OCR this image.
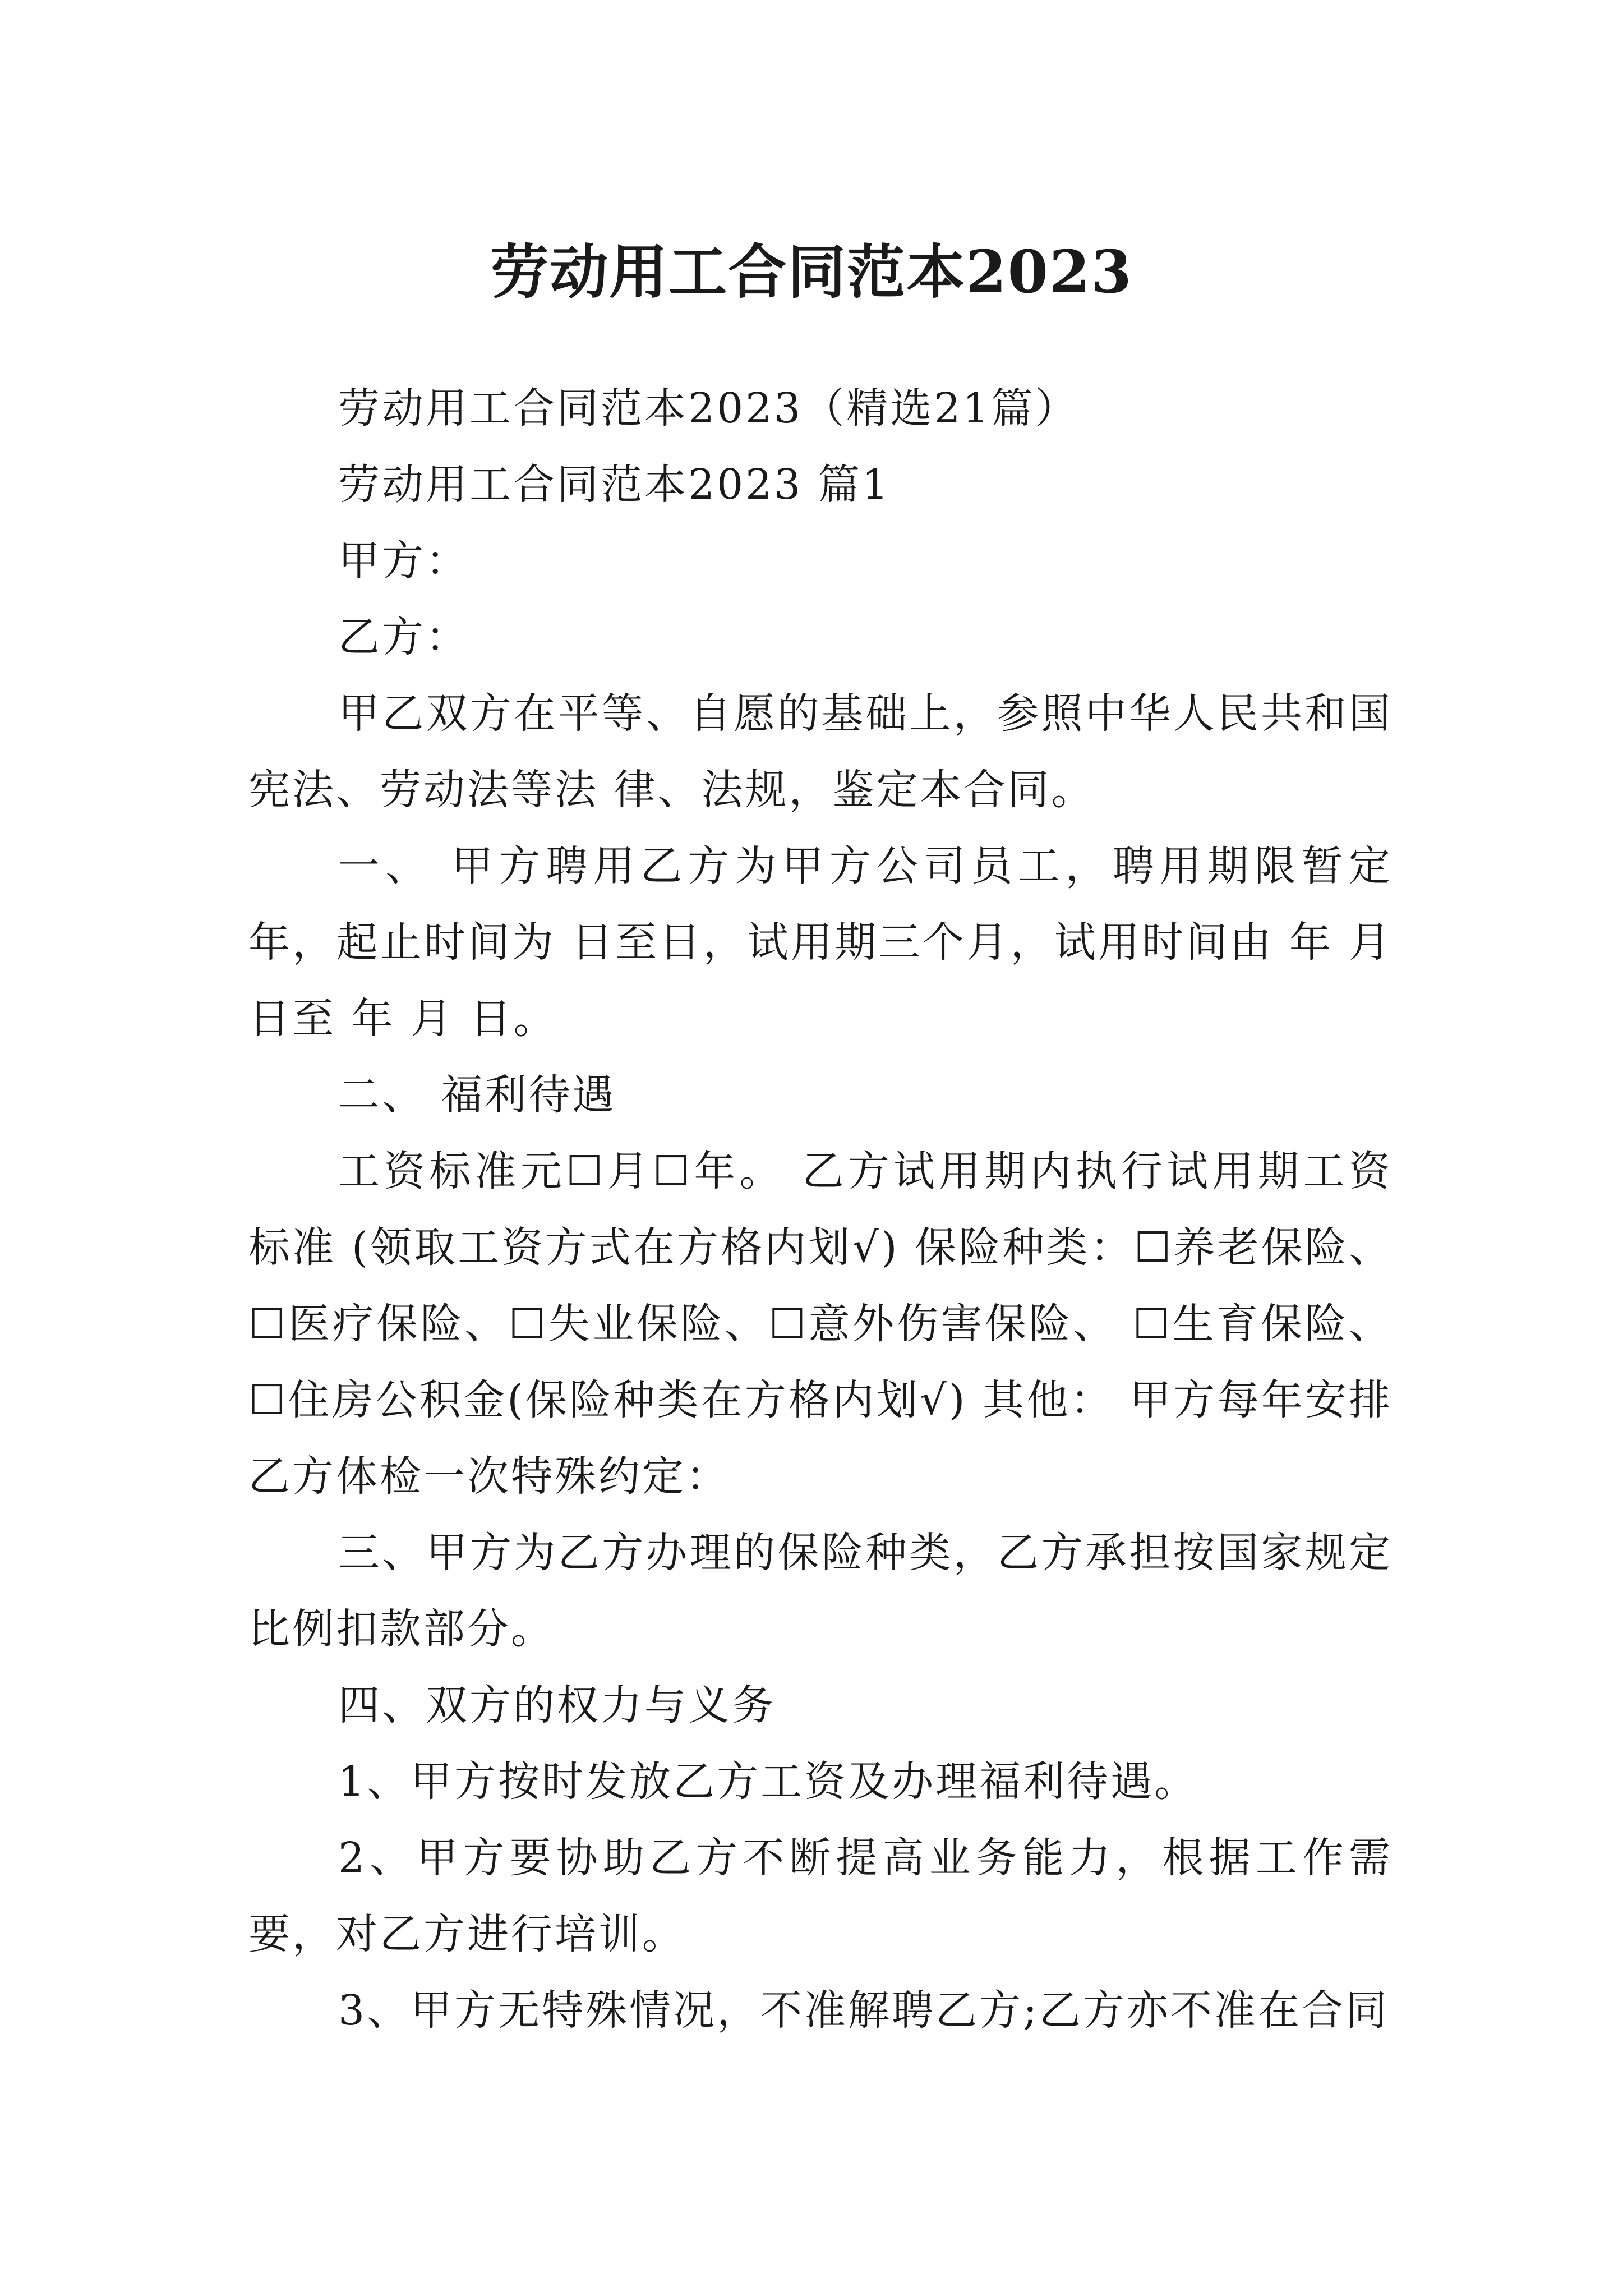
劳动用工合同范本2023

劳动用工合同范本2023（精选21篇）

劳动用工合同范本2023 篇1

甲方：

乙方：

甲乙双方在平等、自愿的基础上，参照中华人民共和国宪法、劳动法等法 律、法规，鉴定本合同。

一、 甲方聘用乙方为甲方公司员工，聘用期限暂定年，起止时间为 日至日，试用期三个月，试用时间由 年 月 日至 年 月 日。

二、 福利待遇

工资标准元☐月☐年。 乙方试用期内执行试用期工资标准 (领取工资方式在方格内划√) 保险种类：☐养老保险、☐医疗保险、☐失业保险、☐意外伤害保险、 ☐生育保险、☐住房公积金(保险种类在方格内划√) 其他： 甲方每年安排乙方体检一次特殊约定：

三、甲方为乙方办理的保险种类，乙方承担按国家规定比例扣款部分。

四、双方的权力与义务

1、甲方按时发放乙方工资及办理福利待遇。

2、甲方要协助乙方不断提高业务能力，根据工作需要，对乙方进行培训。

3、甲方无特殊情况，不准解聘乙方;乙方亦不准在合同
